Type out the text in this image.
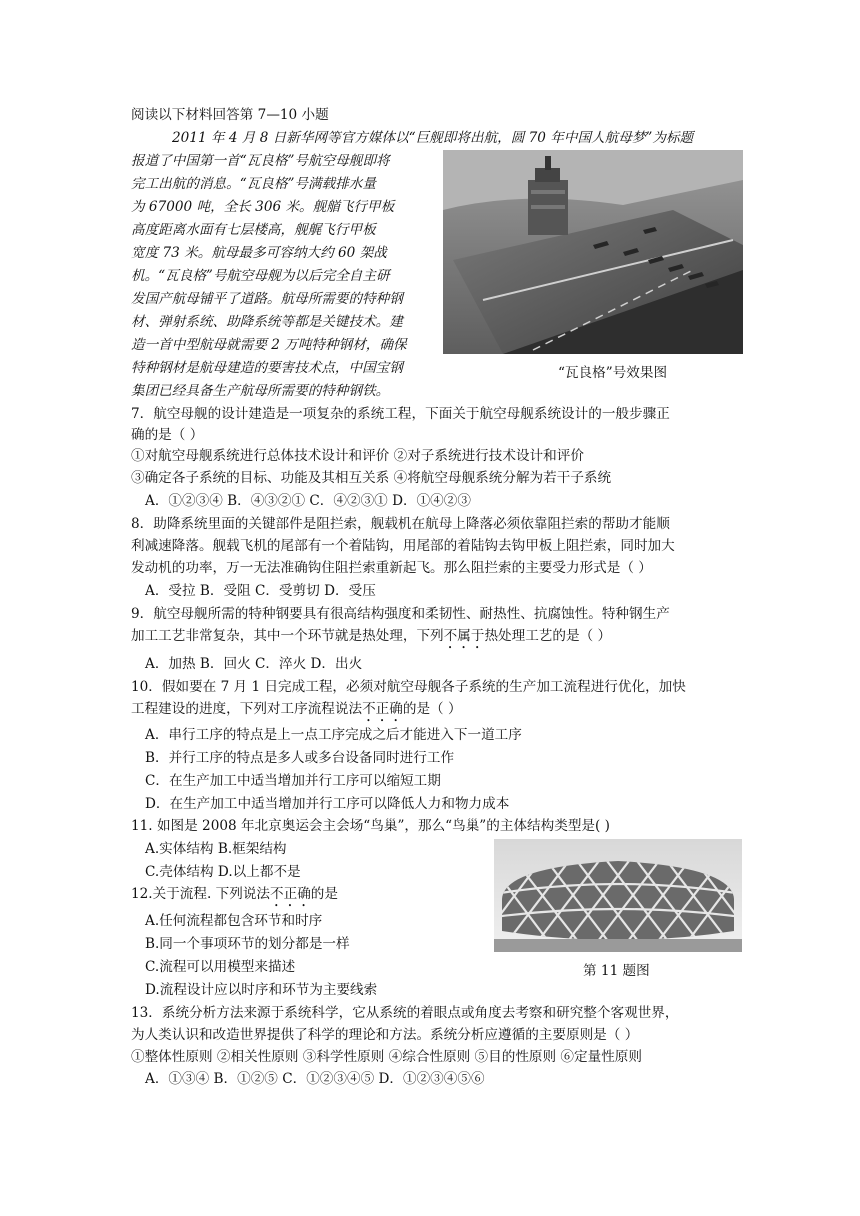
阅读以下材料回答第 7—10 小题
2011 年 4 月 8 日新华网等官方媒体以“巨舰即将出航，圆 70 年中国人航母梦”为标题
报道了中国第一首“瓦良格”号航空母舰即将
完工出航的消息。“瓦良格”号满载排水量
为 67000 吨，全长 306 米。舰艏飞行甲板
高度距离水面有七层楼高，舰艉飞行甲板
宽度 73 米。航母最多可容纳大约 60 架战
机。“瓦良格”号航空母舰为以后完全自主研
发国产航母铺平了道路。航母所需要的特种钢
材、弹射系统、助降系统等都是关键技术。建
造一首中型航母就需要 2 万吨特种钢材，确保
特种钢材是航母建造的要害技术点，中国宝钢
集团已经具备生产航母所需要的特种钢铁。
“瓦良格”号效果图
7．航空母舰的设计建造是一项复杂的系统工程，下面关于航空母舰系统设计的一般步骤正
确的是（ ）
①对航空母舰系统进行总体技术设计和评价 ②对子系统进行技术设计和评价
③确定各子系统的目标、功能及其相互关系 ④将航空母舰系统分解为若干子系统
A．①②③④ B．④③②① C．④②③① D．①④②③
8．助降系统里面的关键部件是阻拦索，舰载机在航母上降落必须依靠阻拦索的帮助才能顺
利减速降落。舰载飞机的尾部有一个着陆钩，用尾部的着陆钩去钩甲板上阻拦索，同时加大
发动机的功率，万一无法准确钩住阻拦索重新起飞。那么阻拦索的主要受力形式是（ ）
A．受拉 B．受阻 C．受剪切 D．受压
9．航空母舰所需的特种钢要具有很高结构强度和柔韧性、耐热性、抗腐蚀性。特种钢生产
加工工艺非常复杂，其中一个环节就是热处理，下列不属于热处理工艺的是（ ）
A．加热 B．回火 C．淬火 D．出火
10．假如要在 7 月 1 日完成工程，必须对航空母舰各子系统的生产加工流程进行优化，加快
工程建设的进度，下列对工序流程说法不正确的是（ ）
A．串行工序的特点是上一点工序完成之后才能进入下一道工序
B．并行工序的特点是多人或多台设备同时进行工作
C．在生产加工中适当增加并行工序可以缩短工期
D．在生产加工中适当增加并行工序可以降低人力和物力成本
11. 如图是 2008 年北京奥运会主会场“鸟巢”，那么“鸟巢”的主体结构类型是( )
A.实体结构 B.框架结构
C.壳体结构 D.以上都不是
第 11 题图
12.关于流程. 下列说法不正确的是
A.任何流程都包含环节和时序
B.同一个事项环节的划分都是一样
C.流程可以用模型来描述
D.流程设计应以时序和环节为主要线索
13．系统分析方法来源于系统科学，它从系统的着眼点或角度去考察和研究整个客观世界，
为人类认识和改造世界提供了科学的理论和方法。系统分析应遵循的主要原则是（ ）
①整体性原则 ②相关性原则 ③科学性原则 ④综合性原则 ⑤目的性原则 ⑥定量性原则
A．①③④ B．①②⑤ C．①②③④⑤ D．①②③④⑤⑥
